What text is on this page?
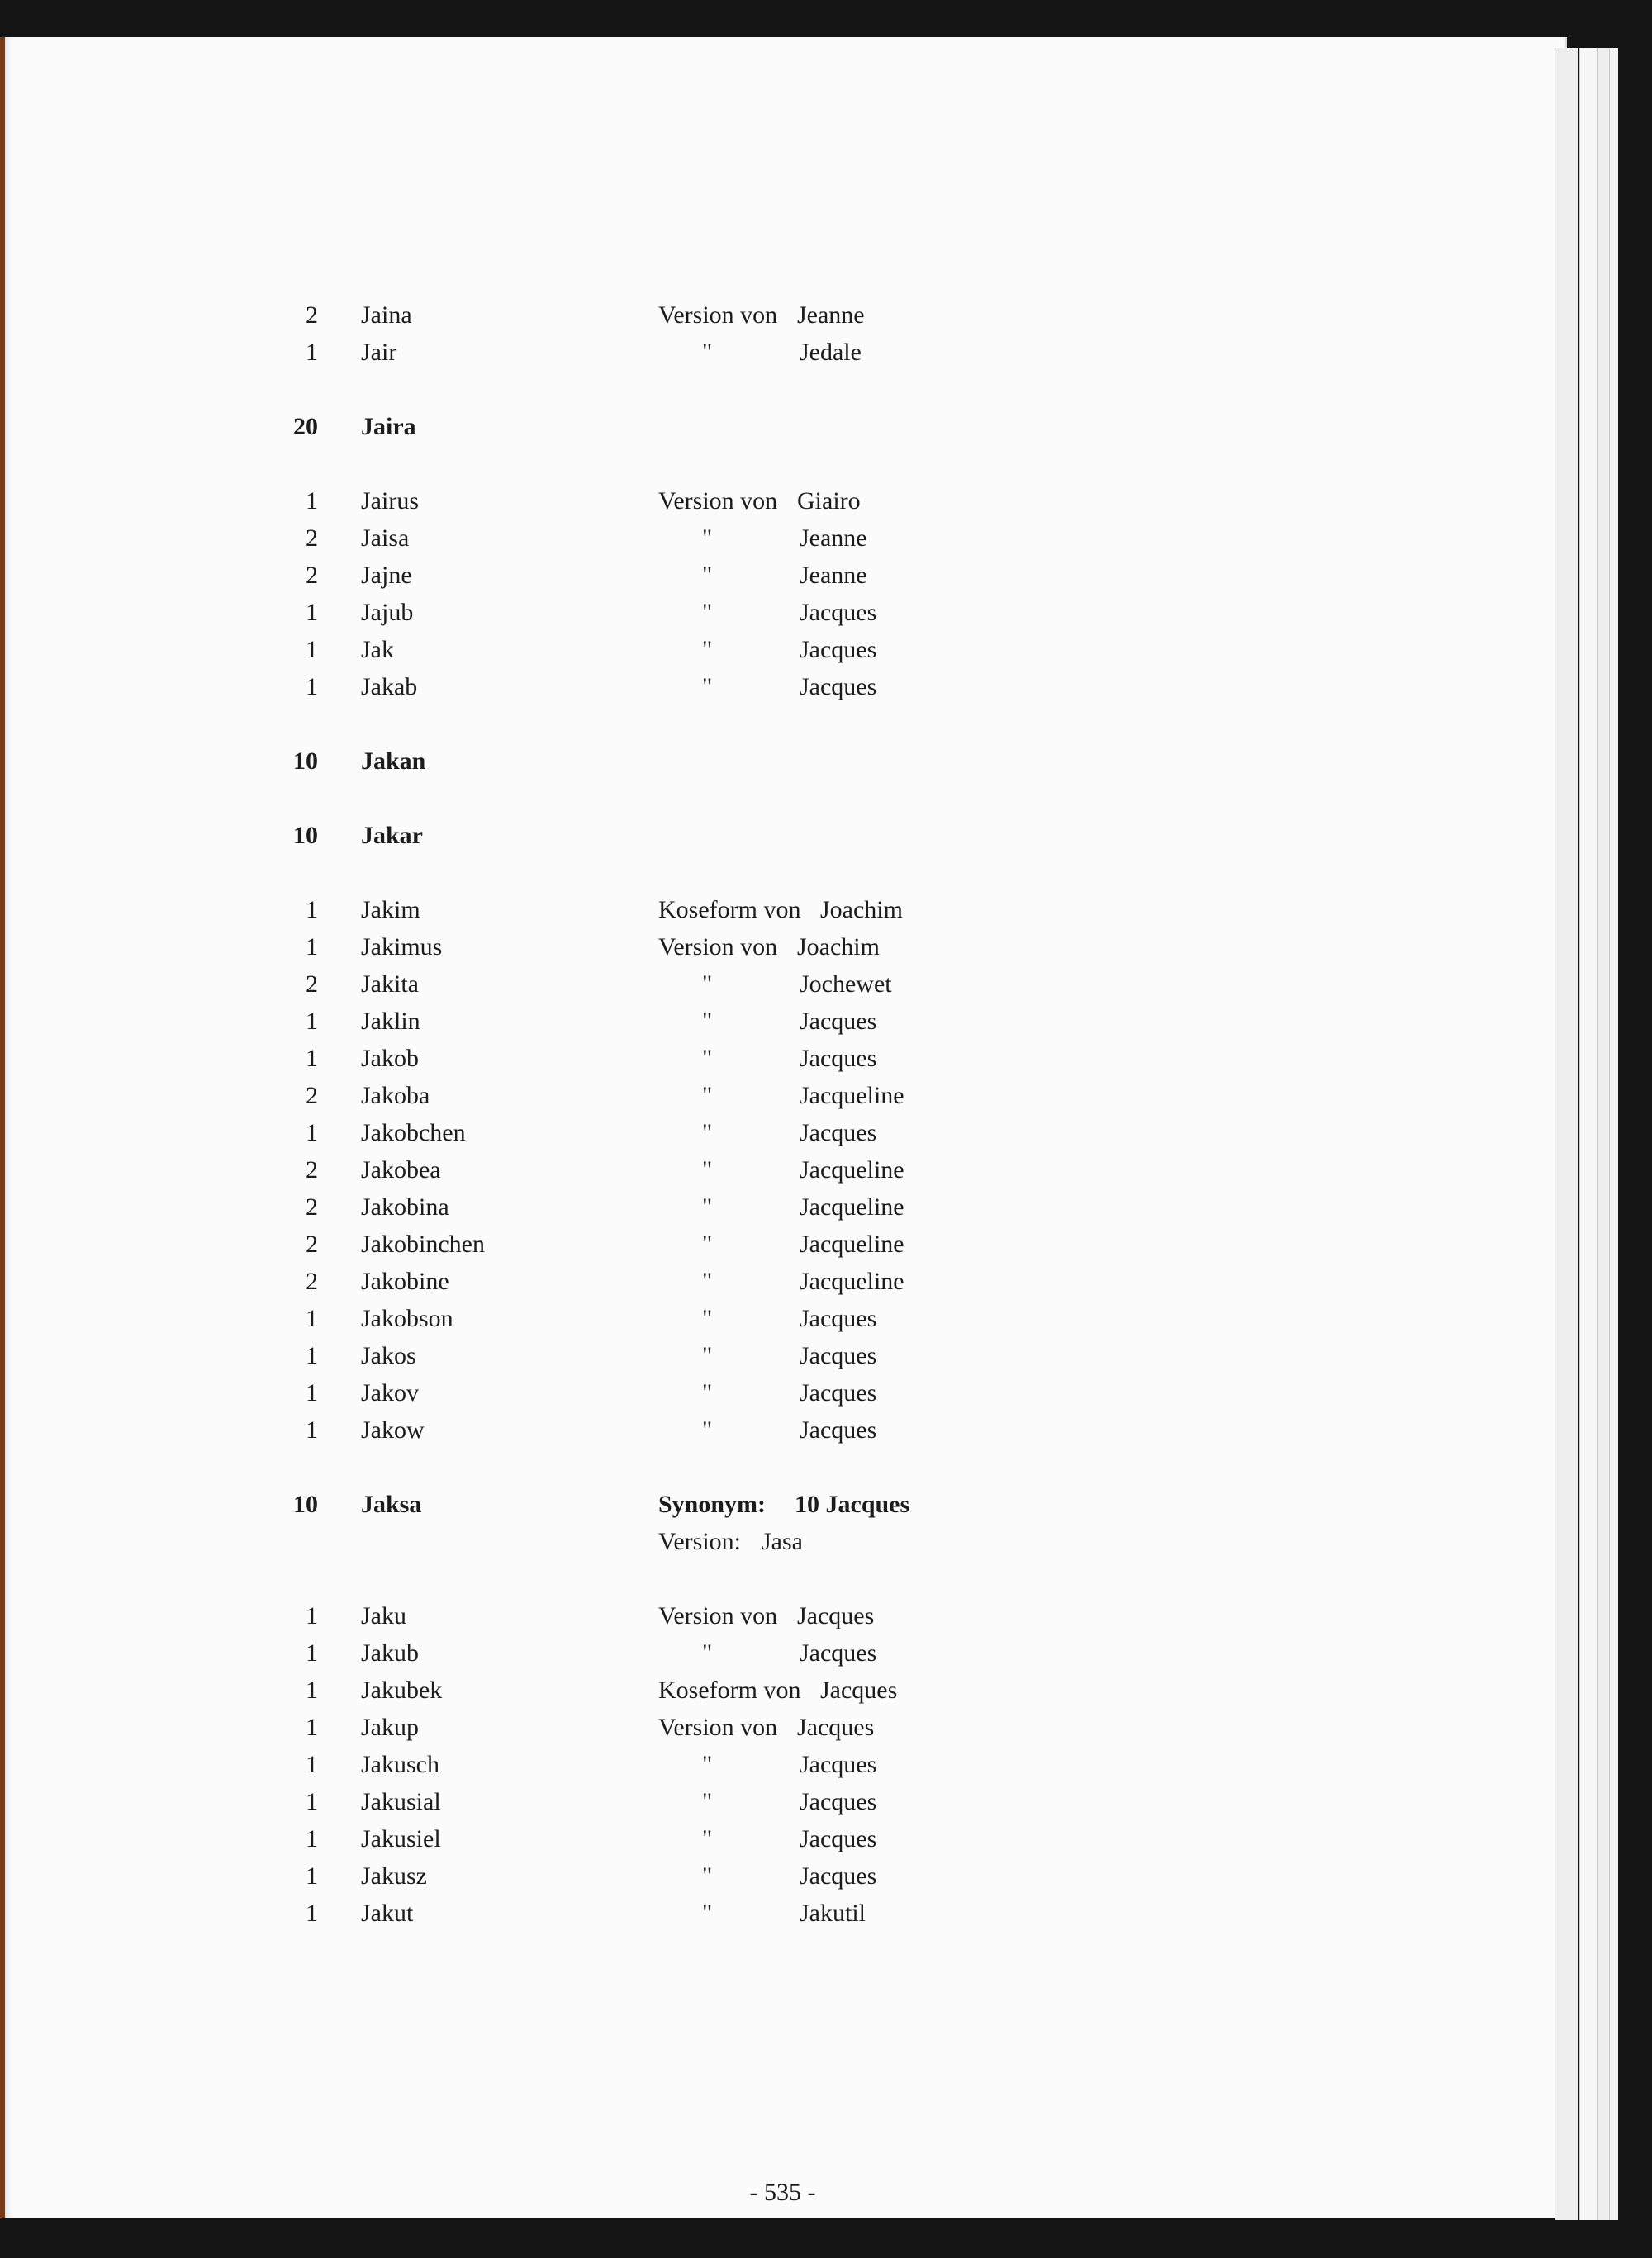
2 Jaina	Version von Jeanne
1 Jair	"	Jedale
20 Jaira
1 Jairus	Version von Giairo
2 Jaisa	"	Jeanne
2 Jajne	"	Jeanne
1 Jajub	"	Jacques
1 Jak	"	Jacques
1 Jakab	"	Jacques
10 Jakan
10 Jakar
1 Jakim	Koseform von Joachim
1 Jakimus	Version von Joachim
2 Jakita	"	Jochewet
1 Jaklin	"	Jacques
1 Jakob	"	Jacques
2 Jakoba	"	Jacqueline
1 Jakobchen	"	Jacques
2 Jakobea	"	Jacqueline
2 Jakobina	"	Jacqueline
2 Jakobinchen	"	Jacqueline
2 Jakobine	"	Jacqueline
1 Jakobson	"	Jacques
1 Jakos	"	Jacques
1 Jakov	"	Jacques
1 Jakow	"	Jacques
10 Jaksa	Synonym: 10 Jacques
Version: Jasa
1 Jaku	Version von Jacques
1 Jakub	"	Jacques
1 Jakubek	Koseform von Jacques
1 Jakup	Version von Jacques
1 Jakusch	"	Jacques
1 Jakusial	"	Jacques
1 Jakusiel	"	Jacques
1 Jakusz	"	Jacques
1 Jakut	"	Jakutil
- 535 -
